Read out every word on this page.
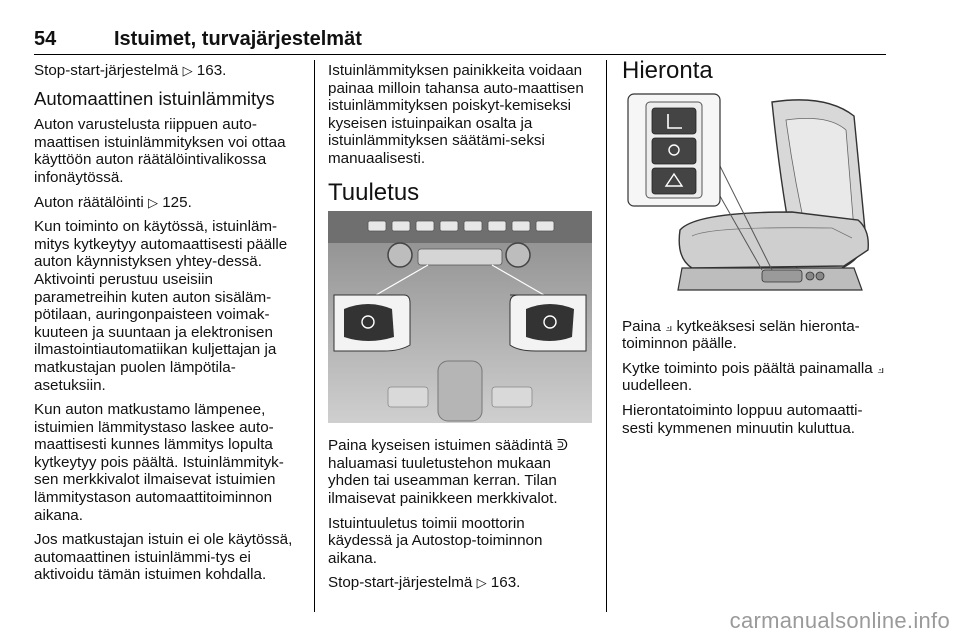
54	Istuimet, turvajärjestelmät

Stop-start-järjestelmä ▷ 163.

Automaattinen istuinlämmitys

Auton varustelusta riippuen auto-maattisen istuinlämmityksen voi ottaa käyttöön auton räätälöintivalikossa infonäytössä.

Auton räätälöinti ▷ 125.

Kun toiminto on käytössä, istuinläm-mitys kytkeytyy automaattisesti päälle auton käynnistyksen yhtey-dessä. Aktivointi perustuu useisiin parametreihin kuten auton sisäläm-pötilaan, auringonpaisteen voimak-kuuteen ja suuntaan ja elektronisen ilmastointiautomatiikan kuljettajan ja matkustajan puolen lämpötila-asetuksiin.

Kun auton matkustamo lämpenee, istuimien lämmitystaso laskee auto-maattisesti kunnes lämmitys lopulta kytkeytyy pois päältä. Istuinlämmityk-sen merkkivalot ilmaisevat istuimien lämmitystason automaattitoiminnon aikana.

Jos matkustajan istuin ei ole käytössä, automaattinen istuinlämmi-tys ei aktivoidu tämän istuimen kohdalla.

Istuinlämmityksen painikkeita voidaan painaa milloin tahansa auto-maattisen istuinlämmityksen poiskyt-kemiseksi kyseisen istuinpaikan osalta ja istuinlämmityksen säätämi-seksi manuaalisesti.

Tuuletus

Paina kyseisen istuimen säädintä ᕲ haluamasi tuuletustehon mukaan yhden tai useamman kerran. Tilan ilmaisevat painikkeen merkkivalot.

Istuintuuletus toimii moottorin käydessä ja Autostop-toiminnon aikana.

Stop-start-järjestelmä ▷ 163.

Hieronta

Paina ⟓ kytkeäksesi selän hieronta-toiminnon päälle.

Kytke toiminto pois päältä painamalla ⟓ uudelleen.

Hierontatoiminto loppuu automaatti-sesti kymmenen minuutin kuluttua.

carmanualsonline.info
